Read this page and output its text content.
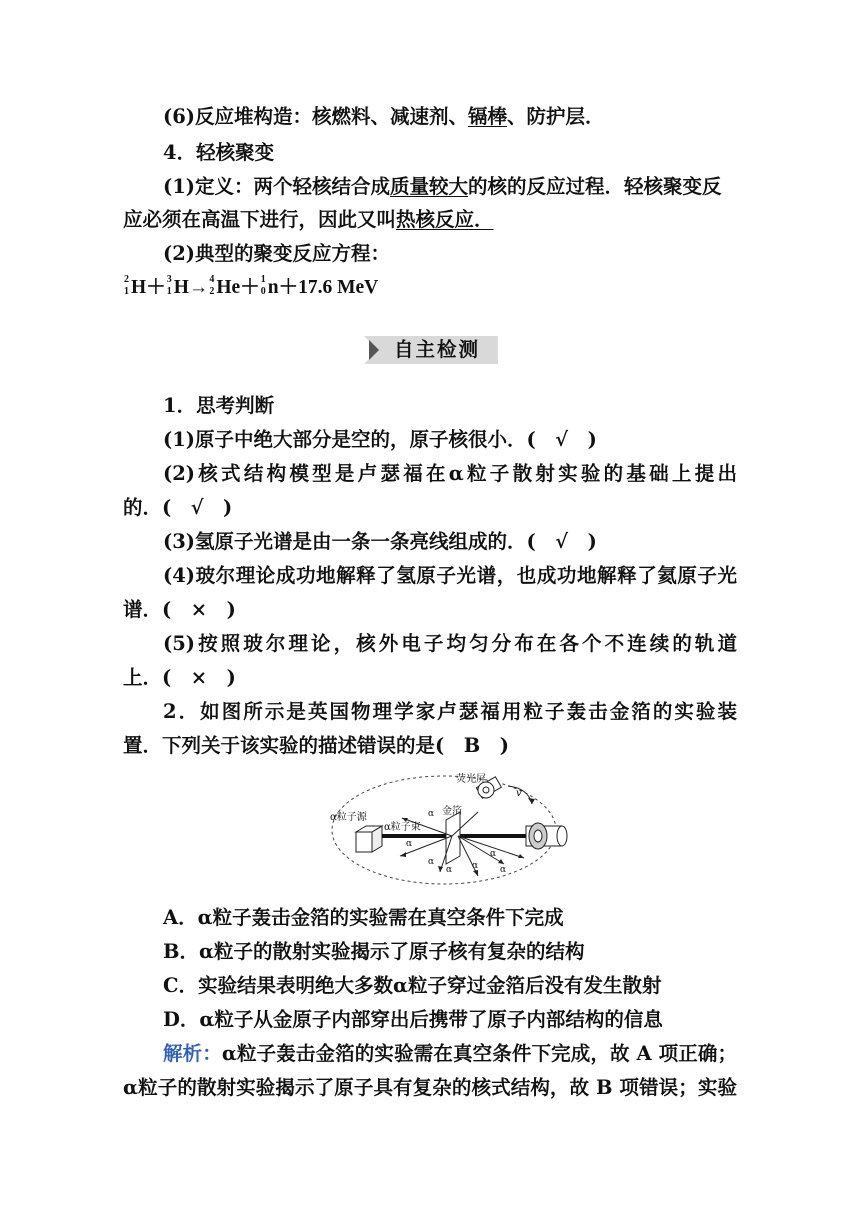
(6)反应堆构造：核燃料、减速剂、镉棒、防护层．
4．轻核聚变
(1)定义：两个轻核结合成质量较大的核的反应过程．轻核聚变反
应必须在高温下进行，因此又叫热核反应．
(2)典型的聚变反应方程：
2
1 H＋ 3
1 H→ 4
2 He＋ 1
0 n＋17.6 MeV
自主检测
1．思考判断
(1)原子中绝大部分是空的，原子核很小．(　√　)
(2)核式结构模型是卢瑟福在α粒子散射实验的基础上提出
的．(　√　)
(3)氢原子光谱是由一条一条亮线组成的．(　√　)
(4)玻尔理论成功地解释了氢原子光谱，也成功地解释了氦原子光
谱．(　×　)
(5)按照玻尔理论，核外电子均匀分布在各个不连续的轨道
上．(　×　)
2．如图所示是英国物理学家卢瑟福用粒子轰击金箔的实验装
置．下列关于该实验的描述错误的是(　B　)
荧光屏
v
金箔
α粒子源
α粒子束
α
α
α
α α α
α
A．α粒子轰击金箔的实验需在真空条件下完成
B．α粒子的散射实验揭示了原子核有复杂的结构
C．实验结果表明绝大多数α粒子穿过金箔后没有发生散射
D．α粒子从金原子内部穿出后携带了原子内部结构的信息
解析：α粒子轰击金箔的实验需在真空条件下完成，故 A 项正确；
α粒子的散射实验揭示了原子具有复杂的核式结构，故 B 项错误；实验
